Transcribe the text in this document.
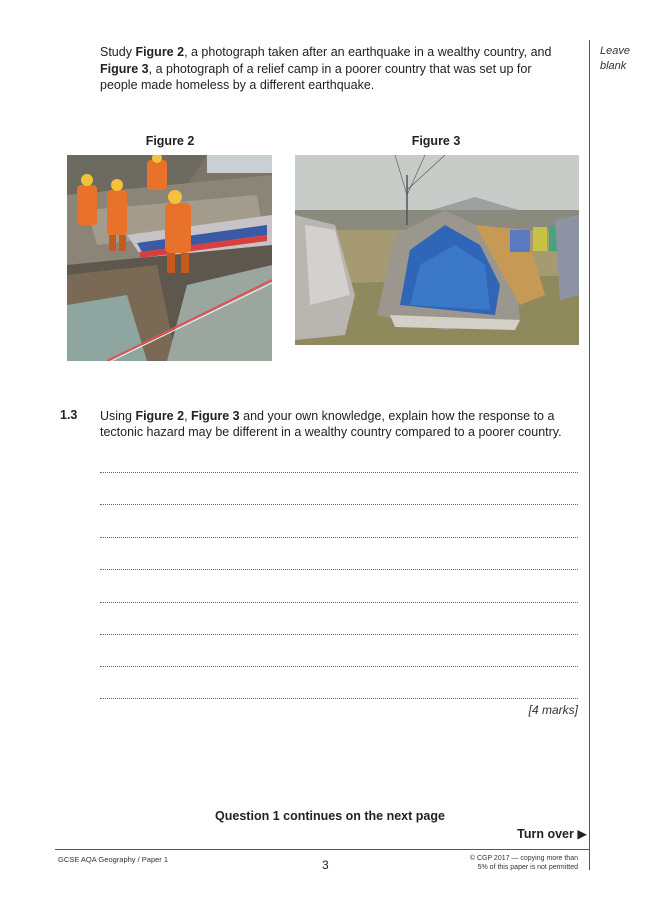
Leave blank
Study Figure 2, a photograph taken after an earthquake in a wealthy country, and Figure 3, a photograph of a relief camp in a poorer country that was set up for people made homeless by a different earthquake.
Figure 2	Figure 3
1.3 Using Figure 2, Figure 3 and your own knowledge, explain how the response to a tectonic hazard may be different in a wealthy country compared to a poorer country.
[4 marks]
Question 1 continues on the next page
Turn over ▶
GCSE AQA Geography / Paper 1	3	© CGP 2017 — copying more than
5% of this paper is not permitted
